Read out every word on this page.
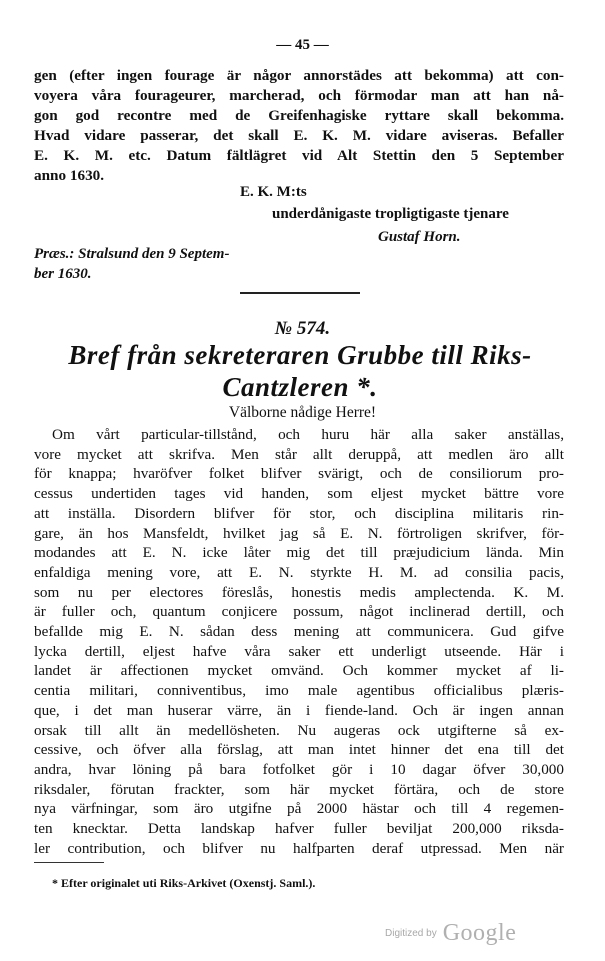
— 45 —
gen (efter ingen fourage är någor annorstädes att bekomma) att con-
voyera våra fourageurer, marcherad, och förmodar man att han nå-
gon god recontre med de Greifenhagiske ryttare skall bekomma.
Hvad vidare passerar, det skall E. K. M. vidare aviseras. Befaller
E. K. M. etc. Datum fältlägret vid Alt Stettin den 5 September
anno 1630.
E. K. M:ts
underdånigaste tropligtigaste tjenare
Gustaf Horn.
Præs.: Stralsund den 9 Septem-
ber 1630.
№ 574.
Bref från sekreteraren Grubbe till Riks-
Cantzleren *.
Välborne nådige Herre!
Om vårt particular-tillstånd, och huru här alla saker anställas,
vore mycket att skrifva. Men står allt deruppå, att medlen äro allt
för knappa; hvaröfver folket blifver svärigt, och de consiliorum pro-
cessus undertiden tages vid handen, som eljest mycket bättre vore
att inställa. Disordern blifver för stor, och disciplina militaris rin-
gare, än hos Mansfeldt, hvilket jag så E. N. förtroligen skrifver, för-
modandes att E. N. icke låter mig det till præjudicium lända. Min
enfaldiga mening vore, att E. N. styrkte H. M. ad consilia pacis,
som nu per electores föreslås, honestis medis amplectenda. K. M.
är fuller och, quantum conjicere possum, något inclinerad dertill, och
befallde mig E. N. sådan dess mening att communicera. Gud gifve
lycka dertill, eljest hafve våra saker ett underligt utseende. Här i
landet är affectionen mycket omvänd. Och kommer mycket af li-
centia militari, conniventibus, imo male agentibus officialibus plæris-
que, i det man huserar värre, än i fiende-land. Och är ingen annan
orsak till allt än medellösheten. Nu augeras ock utgifterne så ex-
cessive, och öfver alla förslag, att man intet hinner det ena till det
andra, hvar löning på bara fotfolket gör i 10 dagar öfver 30,000
riksdaler, förutan frackter, som här mycket förtära, och de store
nya värfningar, som äro utgifne på 2000 hästar och till 4 regemen-
ten knecktar. Detta landskap hafver fuller beviljat 200,000 riksda-
ler contribution, och blifver nu halfparten deraf utpressad. Men när
* Efter originalet uti Riks-Arkivet (Oxenstj. Saml.).
Digitized by Google
